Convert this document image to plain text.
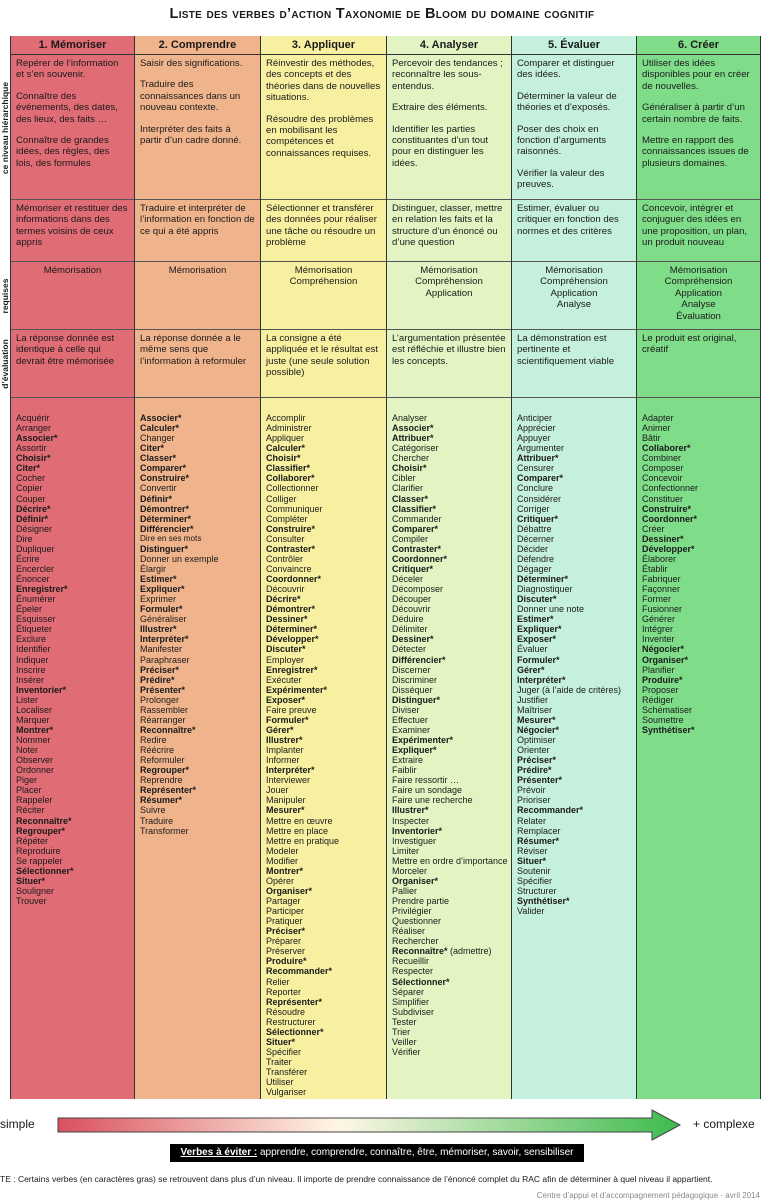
Liste des verbes d’action Taxonomie de Bloom du domaine cognitif
ce niveau hiérarchique
requises
d’évaluation
1. Mémoriser

Repérer de l’information et s’en souvenir.

Connaître des événements, des dates, des lieux, des faits …

Connaître de grandes idées, des règles, des lois, des formules

Mémoriser et restituer des informations dans des termes voisins de ceux appris
Mémorisation
La réponse donnée est identique à celle qui devrait être mémorisée
Acquérir
Arranger
Associer*
Assortir
Choisir*
Citer*
Cocher
Copier
Couper
Décrire*
Définir*
Désigner
Dire
Dupliquer
Écrire
Encercler
Énoncer
Enregistrer*
Énumérer
Épeler
Esquisser
Étiqueter
Exclure
Identifier
Indiquer
Inscrire
Insérer
Inventorier*
Lister
Localiser
Marquer
Montrer*
Nommer
Noter
Observer
Ordonner
Piger
Placer
Rappeler
Réciter
Reconnaître*
Regrouper*
Répéter
Reproduire
Se rappeler
Sélectionner*
Situer*
Souligner
Trouver
2. Comprendre

Saisir des significations.

Traduire des connaissances dans un nouveau contexte.

Interpréter des faits à partir d’un cadre donné.

Traduire et interpréter de l’information en fonction de ce qui a été appris
Mémorisation
La réponse donnée a le même sens que l’information à reformuler
Associer*
Calculer*
Changer
Citer*
Classer*
Comparer*
Construire*
Convertir
Définir*
Démontrer*
Déterminer*
Différencier*
Dire en ses mots
Distinguer*
Donner un exemple
Élargir
Estimer*
Expliquer*
Exprimer
Formuler*
Généraliser
Illustrer*
Interpréter*
Manifester
Paraphraser
Préciser*
Prédire*
Présenter*
Prolonger
Rassembler
Réarranger
Reconnaître*
Redire
Réécrire
Reformuler
Regrouper*
Reprendre
Représenter*
Résumer*
Suivre
Traduire
Transformer
3. Appliquer

Réinvestir des méthodes, des concepts et des théories dans de nouvelles situations.

Résoudre des problèmes en mobilisant les compétences et connaissances requises.

Sélectionner et transférer des données pour réaliser une tâche ou résoudre un problème
Mémorisation
Compréhension
La consigne a été appliquée et le résultat est juste (une seule solution possible)
Accomplir
Administrer
Appliquer
Calculer*
Choisir*
Classifier*
Collaborer*
Collectionner
Colliger
Communiquer
Compléter
Construire*
Consulter
Contraster*
Contrôler
Convaincre
Coordonner*
Découvrir
Décrire*
Démontrer*
Dessiner*
Déterminer*
Développer*
Discuter*
Employer
Enregistrer*
Exécuter
Expérimenter*
Exposer*
Faire preuve
Formuler*
Gérer*
Illustrer*
Implanter
Informer
Interpréter*
Interviewer
Jouer
Manipuler
Mesurer*
Mettre en œuvre
Mettre en place
Mettre en pratique
Modeler
Modifier
Montrer*
Opérer
Organiser*
Partager
Participer
Pratiquer
Préciser*
Préparer
Préserver
Produire*
Recommander*
Relier
Reporter
Représenter*
Résoudre
Restructurer
Sélectionner*
Situer*
Spécifier
Traiter
Transférer
Utiliser
Vulgariser
4. Analyser

Percevoir des tendances ; reconnaître les sous-entendus.

Extraire des éléments.

Identifier les parties constituantes d’un tout pour en distinguer les idées.

Distinguer, classer, mettre en relation les faits et la structure d’un énoncé ou d’une question
Mémorisation
Compréhension
Application
L’argumentation présentée est réfléchie et illustre bien les concepts.
Analyser
Associer*
Attribuer*
Catégoriser
Chercher
Choisir*
Cibler
Clarifier
Classer*
Classifier*
Commander
Comparer*
Compiler
Contraster*
Coordonner*
Critiquer*
Déceler
Décomposer
Découper
Découvrir
Déduire
Délimiter
Dessiner*
Détecter
Différencier*
Discerner
Discriminer
Disséquer
Distinguer*
Diviser
Effectuer
Examiner
Expérimenter*
Expliquer*
Extraire
Faiblir
Faire ressortir …
Faire un sondage
Faire une recherche
Illustrer*
Inspecter
Inventorier*
Investiguer
Limiter
Mettre en ordre d’importance
Morceler
Organiser*
Pallier
Prendre partie
Privilégier
Questionner
Réaliser
Rechercher
Reconnaître* (admettre)
Recueillir
Respecter
Sélectionner*
Séparer
Simplifier
Subdiviser
Tester
Trier
Veiller
Vérifier
5. Évaluer

Comparer et distinguer des idées.

Déterminer la valeur de théories et d’exposés.

Poser des choix en fonction d’arguments raisonnés.

Vérifier la valeur des preuves.

Estimer, évaluer ou critiquer en fonction des normes et des critères
Mémorisation
Compréhension
Application
Analyse
La démonstration est pertinente et scientifiquement viable
Anticiper
Apprécier
Appuyer
Argumenter
Attribuer*
Censurer
Comparer*
Conclure
Considérer
Corriger
Critiquer*
Débattre
Décerner
Décider
Défendre
Dégager
Déterminer*
Diagnostiquer
Discuter*
Donner une note
Estimer*
Expliquer*
Exposer*
Évaluer
Formuler*
Gérer*
Interpréter*
Juger (à l’aide de critères)
Justifier
Maîtriser
Mesurer*
Négocier*
Optimiser
Orienter
Préciser*
Prédire*
Présenter*
Prévoir
Prioriser
Recommander*
Relater
Remplacer
Résumer*
Réviser
Situer*
Soutenir
Spécifier
Structurer
Synthétiser*
Valider
6. Créer

Utiliser des idées disponibles pour en créer de nouvelles.

Généraliser à partir d’un certain nombre de faits.

Mettre en rapport des connaissances issues de plusieurs domaines.

Concevoir, intégrer et conjuguer des idées en une proposition, un plan, un produit nouveau
Mémorisation
Compréhension
Application
Analyse
Évaluation
Le produit est original, créatif
Adapter
Animer
Bâtir
Collaborer*
Combiner
Composer
Concevoir
Confectionner
Constituer
Construire*
Coordonner*
Créer
Dessiner*
Développer*
Élaborer
Établir
Fabriquer
Façonner
Former
Fusionner
Générer
Intégrer
Inventer
Négocier*
Organiser*
Planifier
Produire*
Proposer
Rédiger
Schématiser
Soumettre
Synthétiser*
simple	+ complexe
Verbes à éviter : apprendre, comprendre, connaître, être, mémoriser, savoir, sensibiliser
TE : Certains verbes (en caractères gras) se retrouvent dans plus d’un niveau. Il importe de prendre connaissance de l’énoncé complet du RAC afin de déterminer à quel niveau il appartient.
Centre d’appui et d’accompagnement pédagogique · avril 2014
